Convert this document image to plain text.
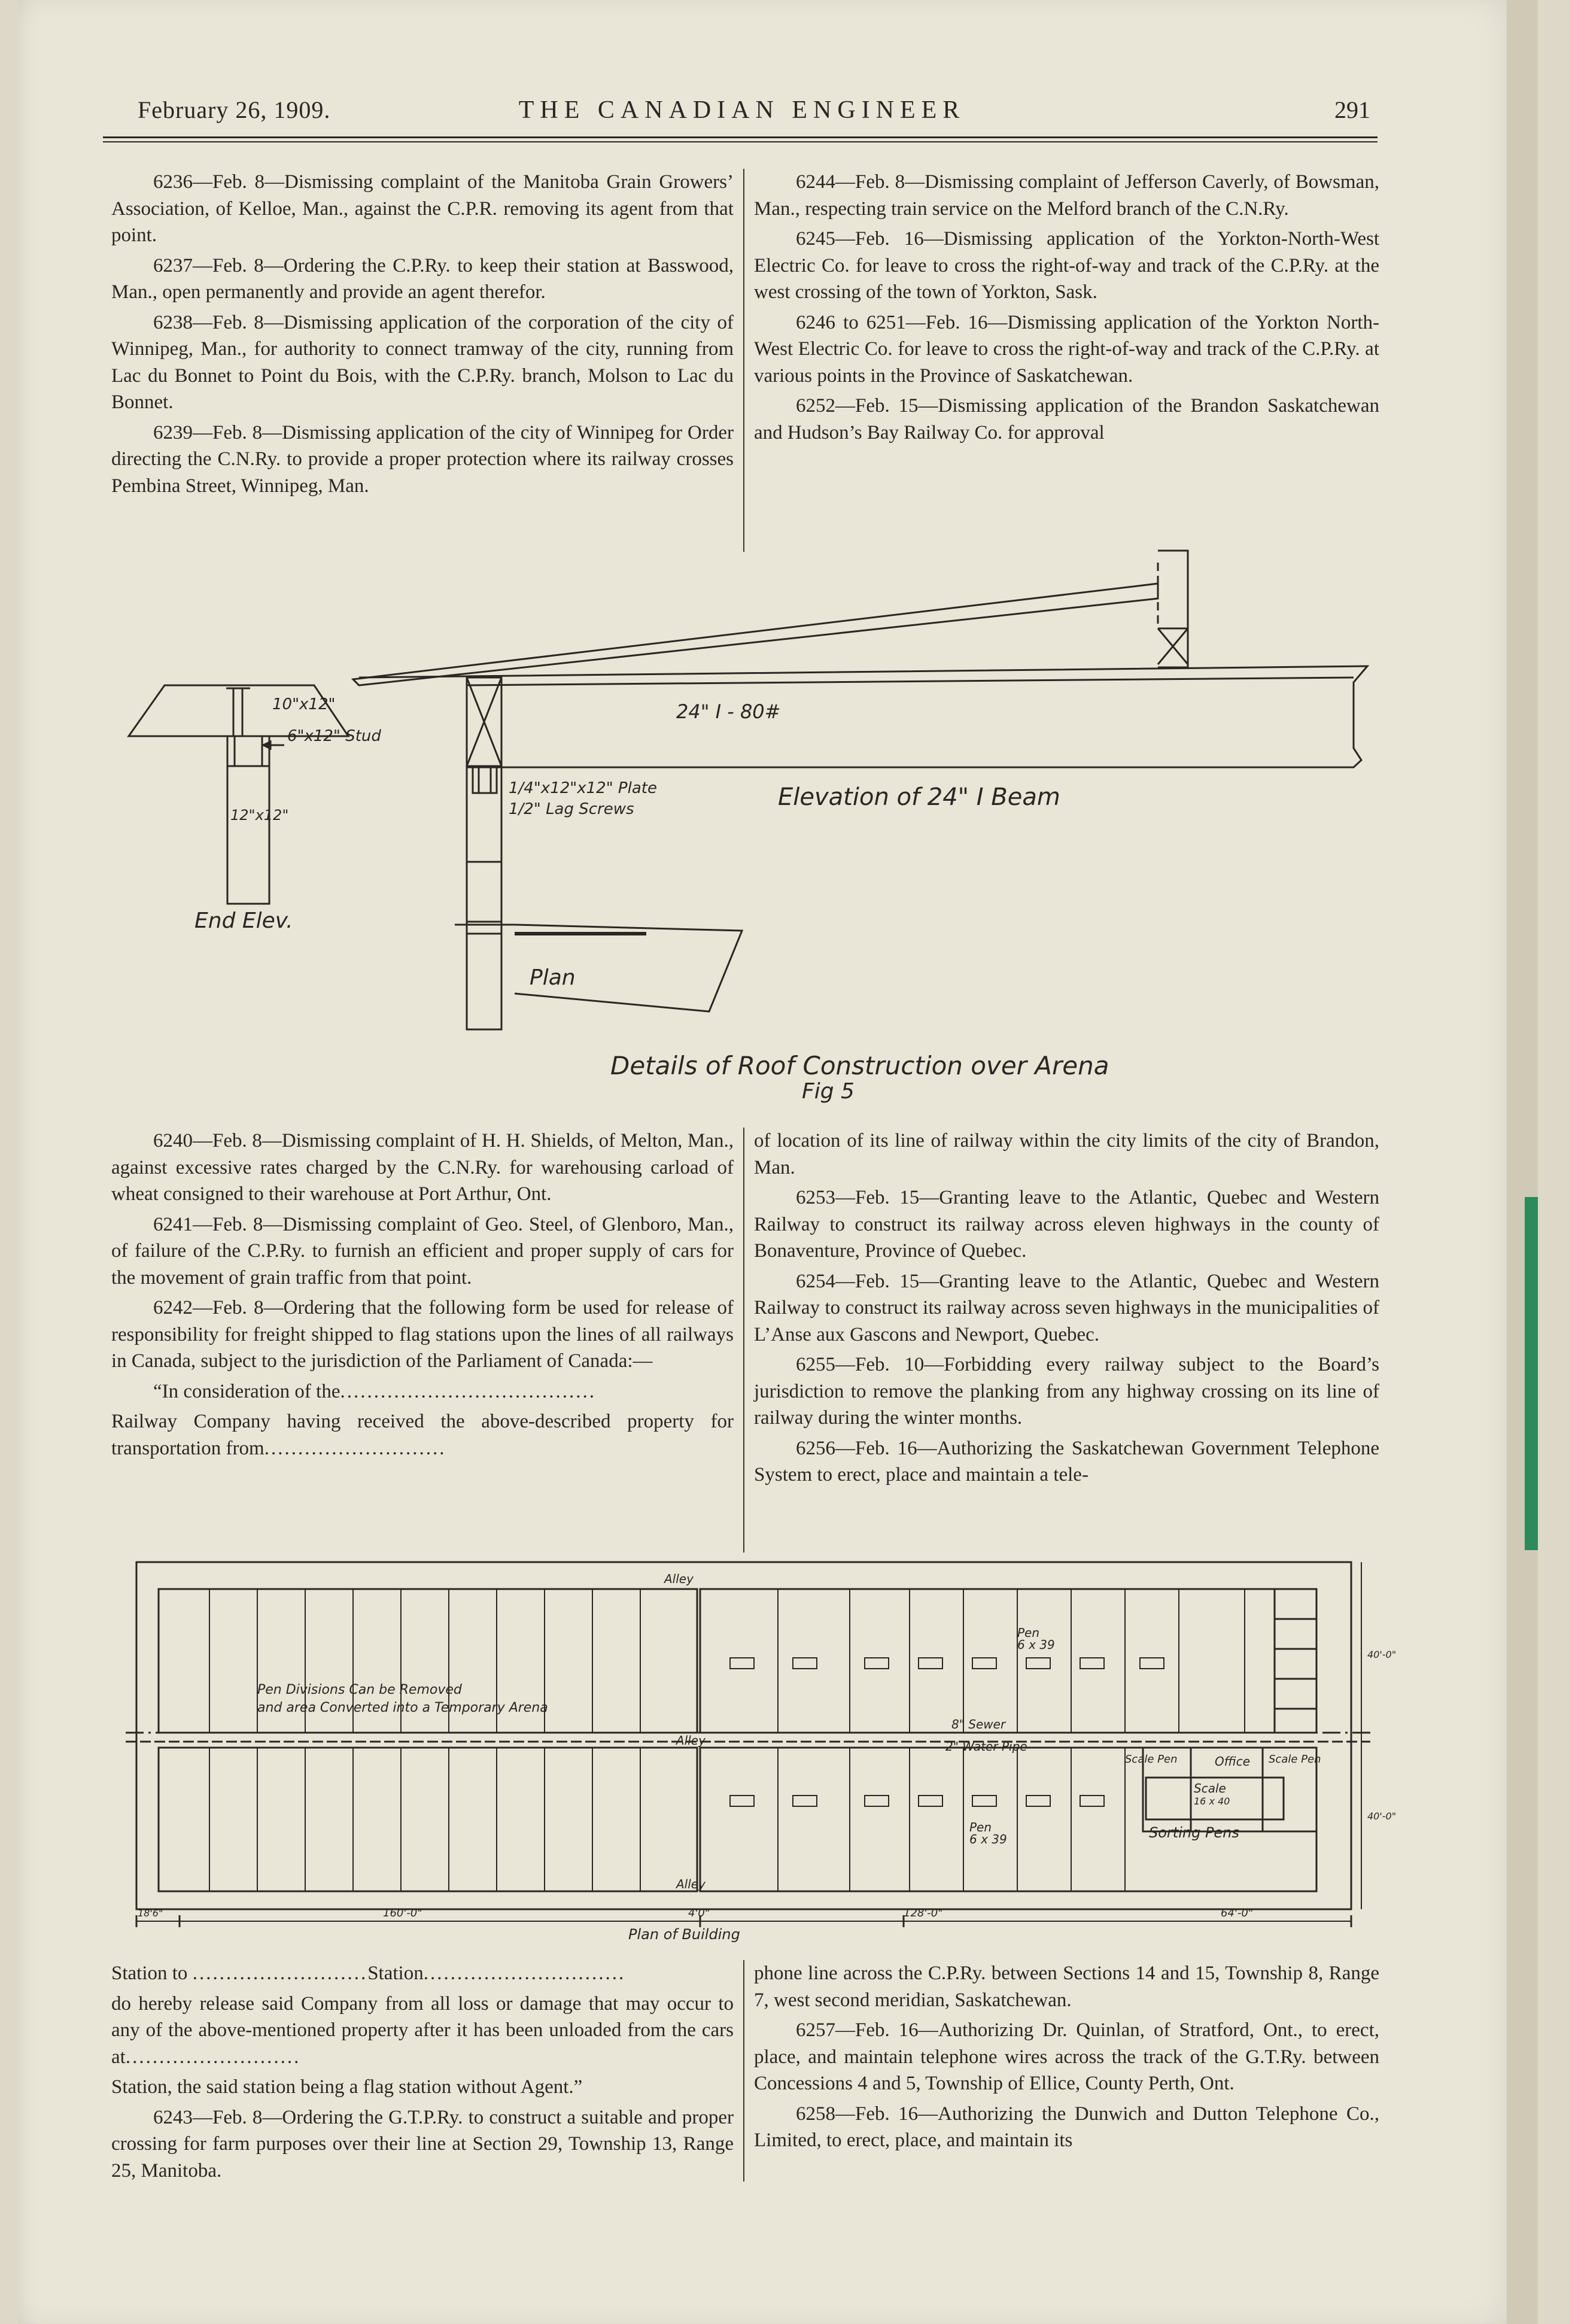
February 26, 1909.	THE CANADIAN ENGINEER	291

6236—Feb. 8—Dismissing complaint of the Manitoba Grain Growers’ Association, of Kelloe, Man., against the C.P.R. removing its agent from that point.

6237—Feb. 8—Ordering the C.P.Ry. to keep their station at Basswood, Man., open permanently and provide an agent therefor.

6238—Feb. 8—Dismissing application of the corporation of the city of Winnipeg, Man., for authority to connect tramway of the city, running from Lac du Bonnet to Point du Bois, with the C.P.Ry. branch, Molson to Lac du Bonnet.

6239—Feb. 8—Dismissing application of the city of Winnipeg for Order directing the C.N.Ry. to provide a proper protection where its railway crosses Pembina Street, Winnipeg, Man.

6244—Feb. 8—Dismissing complaint of Jefferson Caverly, of Bowsman, Man., respecting train service on the Melford branch of the C.N.Ry.

6245—Feb. 16—Dismissing application of the Yorkton-North-West Electric Co. for leave to cross the right-of-way and track of the C.P.Ry. at the west crossing of the town of Yorkton, Sask.

6246 to 6251—Feb. 16—Dismissing application of the Yorkton North-West Electric Co. for leave to cross the right-of-way and track of the C.P.Ry. at various points in the Province of Saskatchewan.

6252—Feb. 15—Dismissing application of the Brandon Saskatchewan and Hudson’s Bay Railway Co. for approval

10"x12"
6"x12" Stud
12"x12"
24" I - 80#
1/4"x12"x12" Plate
1/2" Lag Screws	Elevation of 24" I Beam
End Elev.
Plan
Details of Roof Construction over Arena
Fig 5

6240—Feb. 8—Dismissing complaint of H. H. Shields, of Melton, Man., against excessive rates charged by the C.N.Ry. for warehousing carload of wheat consigned to their warehouse at Port Arthur, Ont.

6241—Feb. 8—Dismissing complaint of Geo. Steel, of Glenboro, Man., of failure of the C.P.Ry. to furnish an efficient and proper supply of cars for the movement of grain traffic from that point.

6242—Feb. 8—Ordering that the following form be used for release of responsibility for freight shipped to flag stations upon the lines of all railways in Canada, subject to the jurisdiction of the Parliament of Canada:—

“In consideration of the......................................

Railway Company having received the above-described property for transportation from...........................

of location of its line of railway within the city limits of the city of Brandon, Man.

6253—Feb. 15—Granting leave to the Atlantic, Quebec and Western Railway to construct its railway across eleven highways in the county of Bonaventure, Province of Quebec.

6254—Feb. 15—Granting leave to the Atlantic, Quebec and Western Railway to construct its railway across seven highways in the municipalities of L’Anse aux Gascons and Newport, Quebec.

6255—Feb. 10—Forbidding every railway subject to the Board’s jurisdiction to remove the planking from any highway crossing on its line of railway during the winter months.

6256—Feb. 16—Authorizing the Saskatchewan Government Telephone System to erect, place and maintain a tele-

Alley
Alley
Alley
Pen Divisions Can be Removed
and area Converted into a Temporary Arena
Pen
6 x 39
Pen
6 x 39
8" Sewer
2" Water Pipe
Scale Pen	Office Scale Pen
Scale
16 x 40
Sorting Pens
18'6"	160'-0"	4'0"	128'-0"	64'-0"
40'-0"
40'-0"
Plan of Building

Station to ..........................Station..............................

do hereby release said Company from all loss or damage that may occur to any of the above-mentioned property after it has been unloaded from the cars at..........................

Station, the said station being a flag station without Agent.”

6243—Feb. 8—Ordering the G.T.P.Ry. to construct a suitable and proper crossing for farm purposes over their line at Section 29, Township 13, Range 25, Manitoba.

phone line across the C.P.Ry. between Sections 14 and 15, Township 8, Range 7, west second meridian, Saskatchewan.

6257—Feb. 16—Authorizing Dr. Quinlan, of Stratford, Ont., to erect, place, and maintain telephone wires across the track of the G.T.Ry. between Concessions 4 and 5, Township of Ellice, County Perth, Ont.

6258—Feb. 16—Authorizing the Dunwich and Dutton Telephone Co., Limited, to erect, place, and maintain its
